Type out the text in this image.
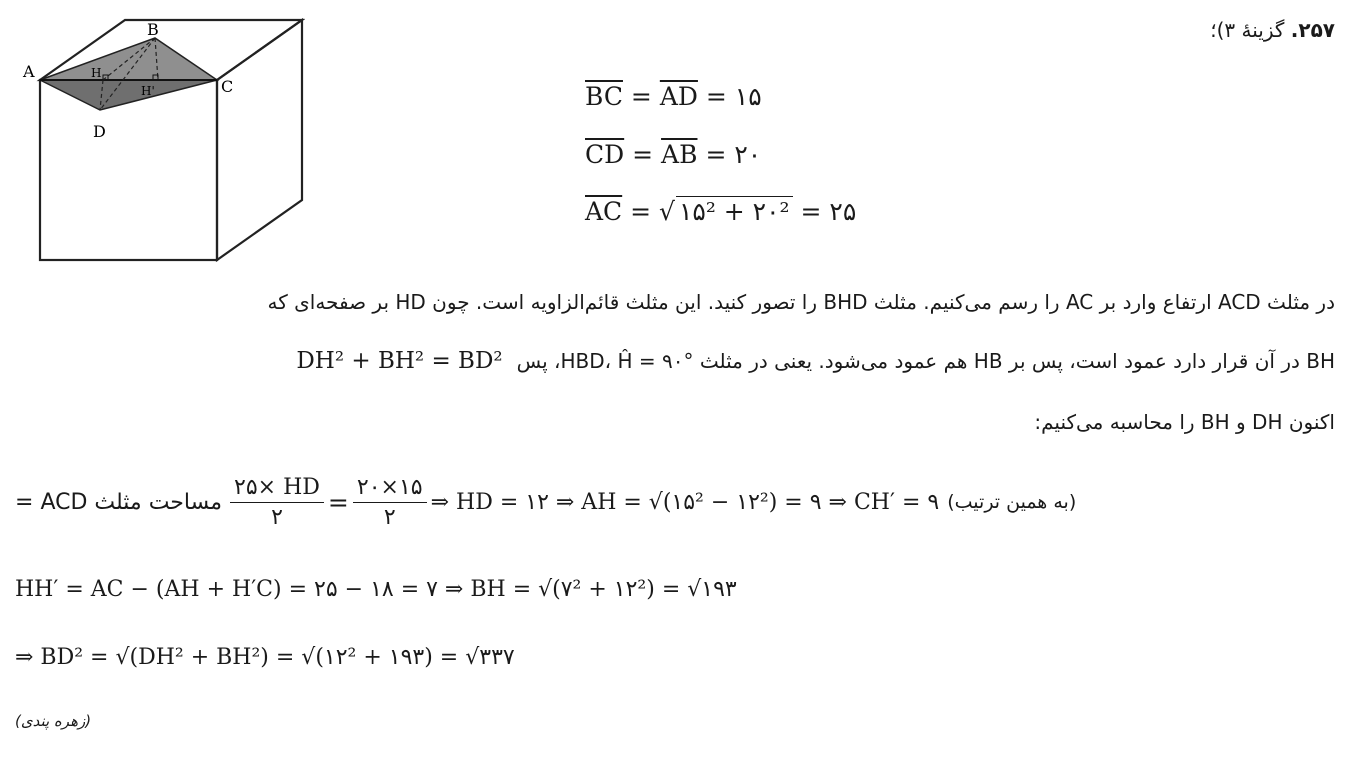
۲۵۷. گزینهٔ ۳)؛
A
B
C
D
H
H'	$\overline{BC} = \overline{AD}$ = ۱۵
$\overline{CD} = \overline{AB}$ = ۲۰
$\overline{AC}$ = √ ۱۵² + ۲۰² = ۲۵
در مثلث ACD ارتفاع وارد بر AC را رسم می‌کنیم. مثلث BHD را تصور کنید. این مثلث قائم‌الزاویه است. چون HD بر صفحه‌ای که
BH در آن قرار دارد عمود است، پس بر HB هم عمود می‌شود. یعنی در مثلث HBD، Ĥ = ۹۰°، پس
DH² + BH² = BD²
اکنون DH و BH را محاسبه می‌کنیم:
مساحت مثلث ACD = $\frac{۲۵\times HD}{۲} = \frac{۲۰\times ۱۵}{۲}$ ⇒ HD = ۱۲ ⇒ AH = √(۱۵² − ۱۲²) = ۹ ⇒ CH′ = ۹ (به همین ترتیب)
HH′ = AC − (AH + H′C) = ۲۵ − ۱۸ = ۷ ⇒ BH = √(۷² + ۱۲²) = √۱۹۳
⇒ BD² = √(DH² + BH²) = √(۱۲² + ۱۹۳) = √۳۳۷
(زهره پندی)
